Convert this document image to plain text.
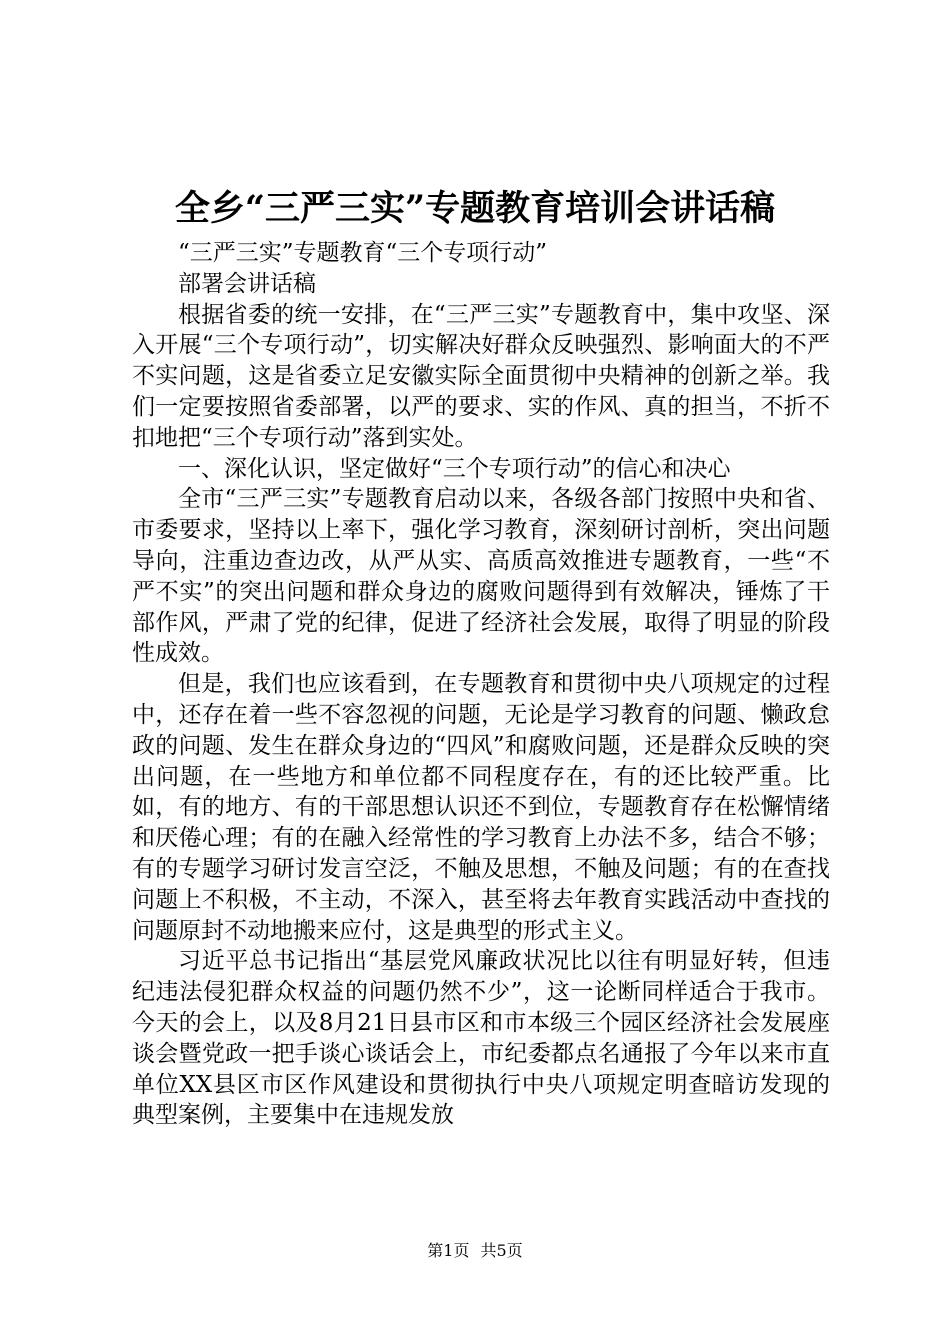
全乡“三严三实”专题教育培训会讲话稿

“三严三实”专题教育“三个专项行动”

部署会讲话稿

根据省委的统一安排，在“三严三实”专题教育中，集中攻坚、深入开展“三个专项行动”，切实解决好群众反映强烈、影响面大的不严不实问题，这是省委立足安徽实际全面贯彻中央精神的创新之举。我们一定要按照省委部署，以严的要求、实的作风、真的担当，不折不扣地把“三个专项行动”落到实处。

一、深化认识，坚定做好“三个专项行动”的信心和决心

全市“三严三实”专题教育启动以来，各级各部门按照中央和省、市委要求，坚持以上率下，强化学习教育，深刻研讨剖析，突出问题导向，注重边查边改，从严从实、高质高效推进专题教育，一些“不严不实”的突出问题和群众身边的腐败问题得到有效解决，锤炼了干部作风，严肃了党的纪律，促进了经济社会发展，取得了明显的阶段性成效。

但是，我们也应该看到，在专题教育和贯彻中央八项规定的过程中，还存在着一些不容忽视的问题，无论是学习教育的问题、懒政怠政的问题、发生在群众身边的“四风”和腐败问题，还是群众反映的突出问题，在一些地方和单位都不同程度存在，有的还比较严重。比如，有的地方、有的干部思想认识还不到位，专题教育存在松懈情绪和厌倦心理；有的在融入经常性的学习教育上办法不多，结合不够；有的专题学习研讨发言空泛，不触及思想，不触及问题；有的在查找问题上不积极，不主动，不深入，甚至将去年教育实践活动中查找的问题原封不动地搬来应付，这是典型的形式主义。

习近平总书记指出“基层党风廉政状况比以往有明显好转，但违纪违法侵犯群众权益的问题仍然不少”，这一论断同样适合于我市。今天的会上，以及8月21日县市区和市本级三个园区经济社会发展座谈会暨党政一把手谈心谈话会上，市纪委都点名通报了今年以来市直单位XX县区市区作风建设和贯彻执行中央八项规定明查暗访发现的典型案例，主要集中在违规发放

第1页 共5页
